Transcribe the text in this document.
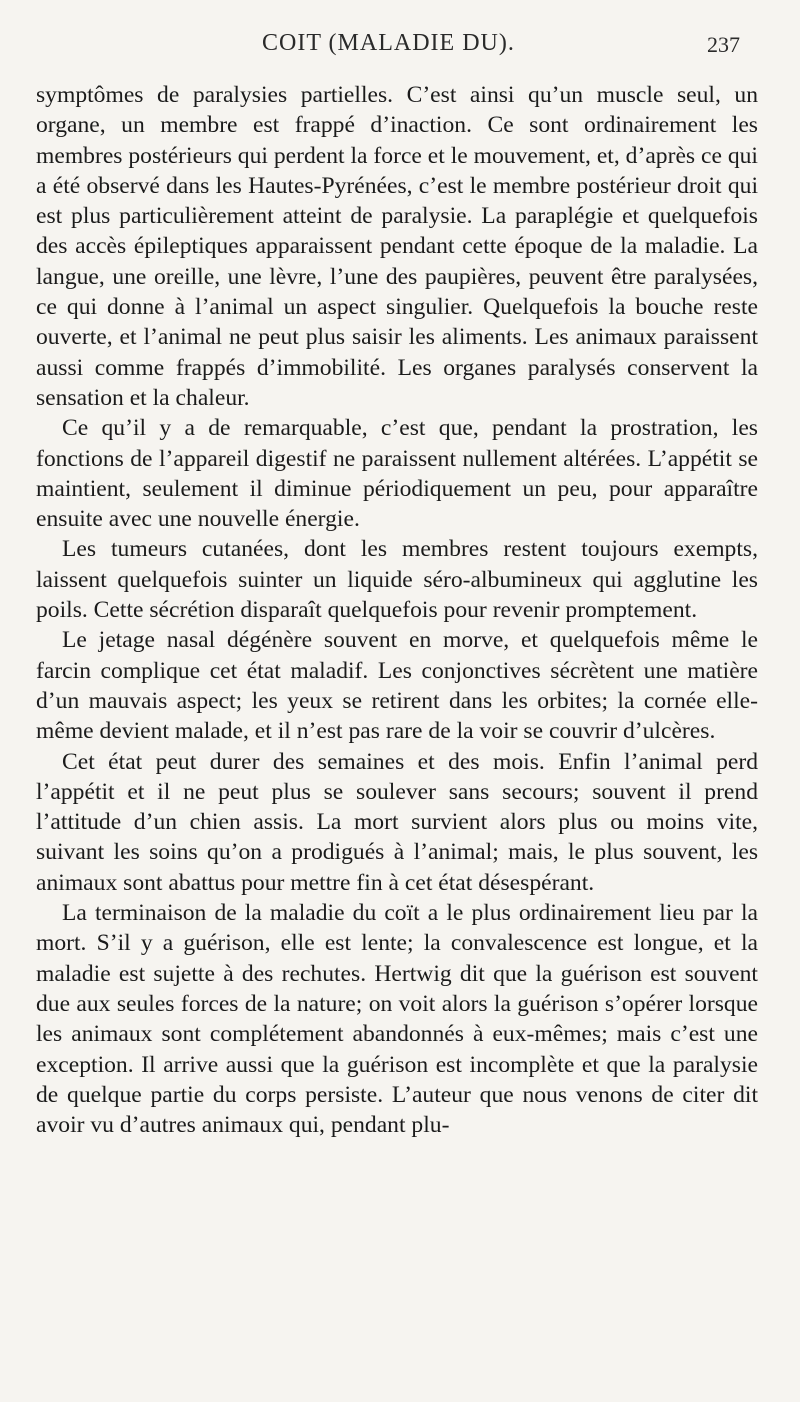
COIT (MALADIE DU).	237

symptômes de paralysies partielles. C’est ainsi qu’un muscle seul, un organe, un membre est frappé d’inaction. Ce sont ordinairement les membres postérieurs qui perdent la force et le mouvement, et, d’après ce qui a été observé dans les Hautes-Pyrénées, c’est le membre postérieur droit qui est plus particulièrement atteint de paralysie. La paraplégie et quelquefois des accès épileptiques apparaissent pendant cette époque de la maladie. La langue, une oreille, une lèvre, l’une des paupières, peuvent être paralysées, ce qui donne à l’animal un aspect singulier. Quelquefois la bouche reste ouverte, et l’animal ne peut plus saisir les aliments. Les animaux paraissent aussi comme frappés d’immobilité. Les organes paralysés conservent la sensation et la chaleur.

Ce qu’il y a de remarquable, c’est que, pendant la prostration, les fonctions de l’appareil digestif ne paraissent nullement altérées. L’appétit se maintient, seulement il diminue périodiquement un peu, pour apparaître ensuite avec une nouvelle énergie.

Les tumeurs cutanées, dont les membres restent toujours exempts, laissent quelquefois suinter un liquide séro-albumineux qui agglutine les poils. Cette sécrétion disparaît quelquefois pour revenir promptement.

Le jetage nasal dégénère souvent en morve, et quelquefois même le farcin complique cet état maladif. Les conjonctives sécrètent une matière d’un mauvais aspect; les yeux se retirent dans les orbites; la cornée elle-même devient malade, et il n’est pas rare de la voir se couvrir d’ulcères.

Cet état peut durer des semaines et des mois. Enfin l’animal perd l’appétit et il ne peut plus se soulever sans secours; souvent il prend l’attitude d’un chien assis. La mort survient alors plus ou moins vite, suivant les soins qu’on a prodigués à l’animal; mais, le plus souvent, les animaux sont abattus pour mettre fin à cet état désespérant.

La terminaison de la maladie du coït a le plus ordinairement lieu par la mort. S’il y a guérison, elle est lente; la convalescence est longue, et la maladie est sujette à des rechutes. Hertwig dit que la guérison est souvent due aux seules forces de la nature; on voit alors la guérison s’opérer lorsque les animaux sont complétement abandonnés à eux-mêmes; mais c’est une exception. Il arrive aussi que la guérison est incomplète et que la paralysie de quelque partie du corps persiste. L’auteur que nous venons de citer dit avoir vu d’autres animaux qui, pendant plu-
